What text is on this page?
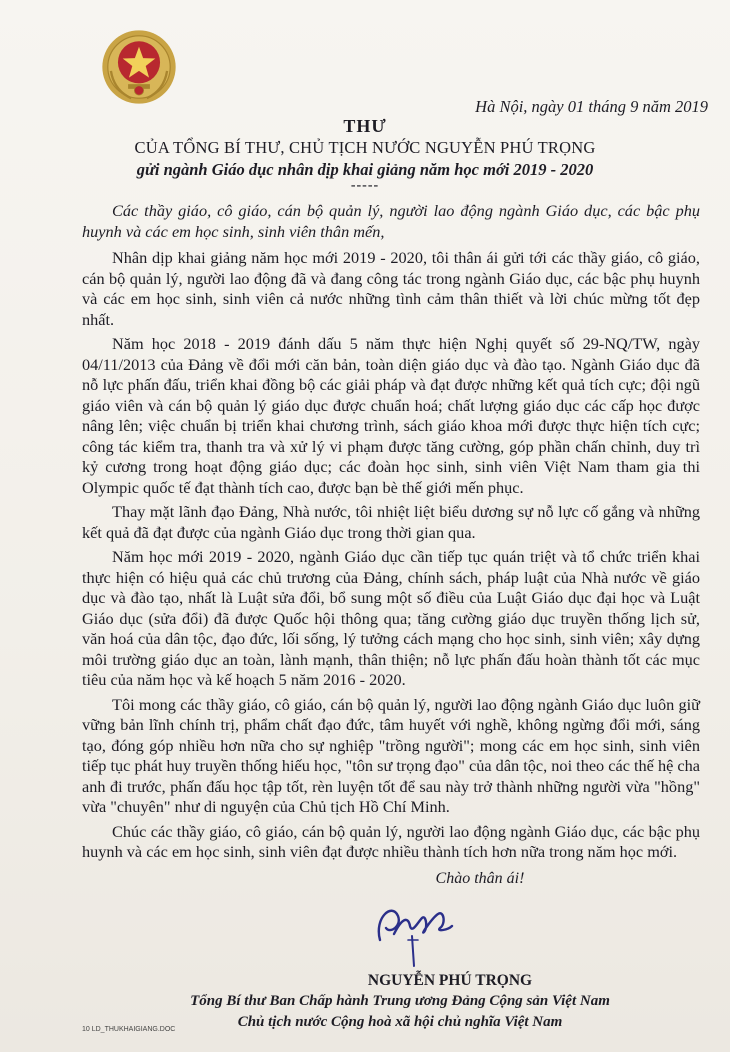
Hà Nội, ngày 01 tháng 9 năm 2019
THƯ
CỦA TỔNG BÍ THƯ, CHỦ TỊCH NƯỚC NGUYỄN PHÚ TRỌNG
gửi ngành Giáo dục nhân dịp khai giảng năm học mới 2019 - 2020
-----

Các thầy giáo, cô giáo, cán bộ quản lý, người lao động ngành Giáo dục, các bậc phụ huynh và các em học sinh, sinh viên thân mến,

Nhân dịp khai giảng năm học mới 2019 - 2020, tôi thân ái gửi tới các thầy giáo, cô giáo, cán bộ quản lý, người lao động đã và đang công tác trong ngành Giáo dục, các bậc phụ huynh và các em học sinh, sinh viên cả nước những tình cảm thân thiết và lời chúc mừng tốt đẹp nhất.

Năm học 2018 - 2019 đánh dấu 5 năm thực hiện Nghị quyết số 29-NQ/TW, ngày 04/11/2013 của Đảng về đổi mới căn bản, toàn diện giáo dục và đào tạo. Ngành Giáo dục đã nỗ lực phấn đấu, triển khai đồng bộ các giải pháp và đạt được những kết quả tích cực; đội ngũ giáo viên và cán bộ quản lý giáo dục được chuẩn hoá; chất lượng giáo dục các cấp học được nâng lên; việc chuẩn bị triển khai chương trình, sách giáo khoa mới được thực hiện tích cực; công tác kiểm tra, thanh tra và xử lý vi phạm được tăng cường, góp phần chấn chỉnh, duy trì kỷ cương trong hoạt động giáo dục; các đoàn học sinh, sinh viên Việt Nam tham gia thi Olympic quốc tế đạt thành tích cao, được bạn bè thế giới mến phục.

Thay mặt lãnh đạo Đảng, Nhà nước, tôi nhiệt liệt biểu dương sự nỗ lực cố gắng và những kết quả đã đạt được của ngành Giáo dục trong thời gian qua.

Năm học mới 2019 - 2020, ngành Giáo dục cần tiếp tục quán triệt và tổ chức triển khai thực hiện có hiệu quả các chủ trương của Đảng, chính sách, pháp luật của Nhà nước về giáo dục và đào tạo, nhất là Luật sửa đổi, bổ sung một số điều của Luật Giáo dục đại học và Luật Giáo dục (sửa đổi) đã được Quốc hội thông qua; tăng cường giáo dục truyền thống lịch sử, văn hoá của dân tộc, đạo đức, lối sống, lý tưởng cách mạng cho học sinh, sinh viên; xây dựng môi trường giáo dục an toàn, lành mạnh, thân thiện; nỗ lực phấn đấu hoàn thành tốt các mục tiêu của năm học và kế hoạch 5 năm 2016 - 2020.

Tôi mong các thầy giáo, cô giáo, cán bộ quản lý, người lao động ngành Giáo dục luôn giữ vững bản lĩnh chính trị, phẩm chất đạo đức, tâm huyết với nghề, không ngừng đổi mới, sáng tạo, đóng góp nhiều hơn nữa cho sự nghiệp "trồng người"; mong các em học sinh, sinh viên tiếp tục phát huy truyền thống hiếu học, "tôn sư trọng đạo" của dân tộc, noi theo các thế hệ cha anh đi trước, phấn đấu học tập tốt, rèn luyện tốt để sau này trở thành những người vừa "hồng" vừa "chuyên" như di nguyện của Chủ tịch Hồ Chí Minh.

Chúc các thầy giáo, cô giáo, cán bộ quản lý, người lao động ngành Giáo dục, các bậc phụ huynh và các em học sinh, sinh viên đạt được nhiều thành tích hơn nữa trong năm học mới.

Chào thân ái!
NGUYỄN PHÚ TRỌNG
Tổng Bí thư Ban Chấp hành Trung ương Đảng Cộng sản Việt Nam
Chủ tịch nước Cộng hoà xã hội chủ nghĩa Việt Nam
10 LD_THUKHAIGIANG.DOC
